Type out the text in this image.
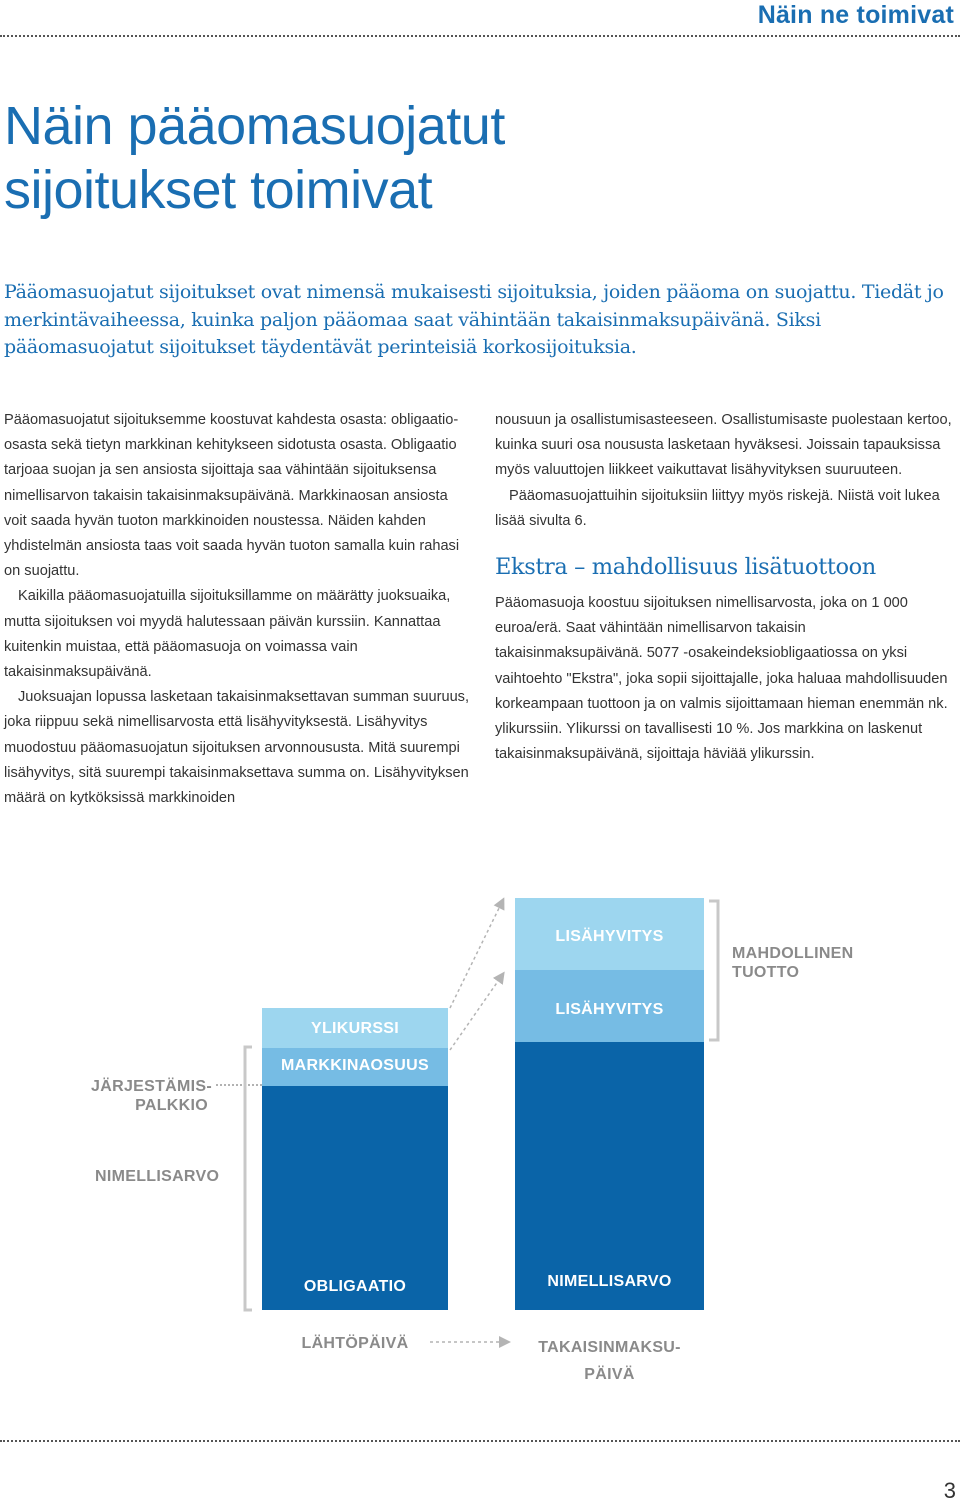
Näin ne toimivat
Näin pääomasuojatut
sijoitukset toimivat

Pääomasuojatut sijoitukset ovat nimensä mukaisesti sijoituksia, joiden pääoma on suojattu. Tiedät jo merkintävaiheessa, kuinka paljon pääomaa saat vähintään takaisinmaksupäivänä. Siksi pääomasuojatut sijoitukset täydentävät perinteisiä korkosijoituksia.

Pääomasuojatut sijoituksemme koostuvat kahdesta osasta: obligaatio-osasta sekä tietyn markkinan kehitykseen sidotusta osasta. Obligaatio tarjoaa suojan ja sen ansiosta sijoittaja saa vähintään sijoituksensa nimellisarvon takaisin takaisinmaksupäivänä. Markkinaosan ansiosta voit saada hyvän tuoton markkinoiden noustessa. Näiden kahden yhdistelmän ansiosta taas voit saada hyvän tuoton samalla kuin rahasi on suojattu.

Kaikilla pääomasuojatuilla sijoituksillamme on määrätty juoksuaika, mutta sijoituksen voi myydä halutessaan päivän kurssiin. Kannattaa kuitenkin muistaa, että pääomasuoja on voimassa vain takaisinmaksupäivänä.

Juoksuajan lopussa lasketaan takaisinmaksettavan summan suuruus, joka riippuu sekä nimellisarvosta että lisähyvityksestä. Lisähyvitys muodostuu pääomasuojatun sijoituksen arvonnoususta. Mitä suurempi lisähyvitys, sitä suurempi takaisinmaksettava summa on. Lisähyvityksen määrä on kytköksissä markkinoiden

nousuun ja osallistumisasteeseen. Osallistumisaste puolestaan kertoo, kuinka suuri osa noususta lasketaan hyväksesi. Joissain tapauksissa myös valuuttojen liikkeet vaikuttavat lisähyvityksen suuruuteen.

Pääomasuojattuihin sijoituksiin liittyy myös riskejä. Niistä voit lukea lisää sivulta 6.

Ekstra – mahdollisuus lisätuottoon

Pääomasuoja koostuu sijoituksen nimellisarvosta, joka on 1 000 euroa/erä. Saat vähintään nimellisarvon takaisin takaisinmaksupäivänä. 5077 -osakeindeksiobligaatiossa on yksi vaihtoehto "Ekstra", joka sopii sijoittajalle, joka haluaa mahdollisuuden korkeampaan tuottoon ja on valmis sijoittamaan hieman enemmän nk. ylikurssiin. Ylikurssi on tavallisesti 10 %. Jos markkina on laskenut takaisinmaksupäivänä, sijoittaja häviää ylikurssin.

YLIKURSSI
MARKKINAOSUUS
OBLIGAATIO
LISÄHYVITYS
LISÄHYVITYS
NIMELLISARVO
JÄRJESTÄMIS-
PALKKIO
NIMELLISARVO
MAHDOLLINEN
TUOTTO
LÄHTÖPÄIVÄ	TAKAISINMAKSU-
PÄIVÄ
3
